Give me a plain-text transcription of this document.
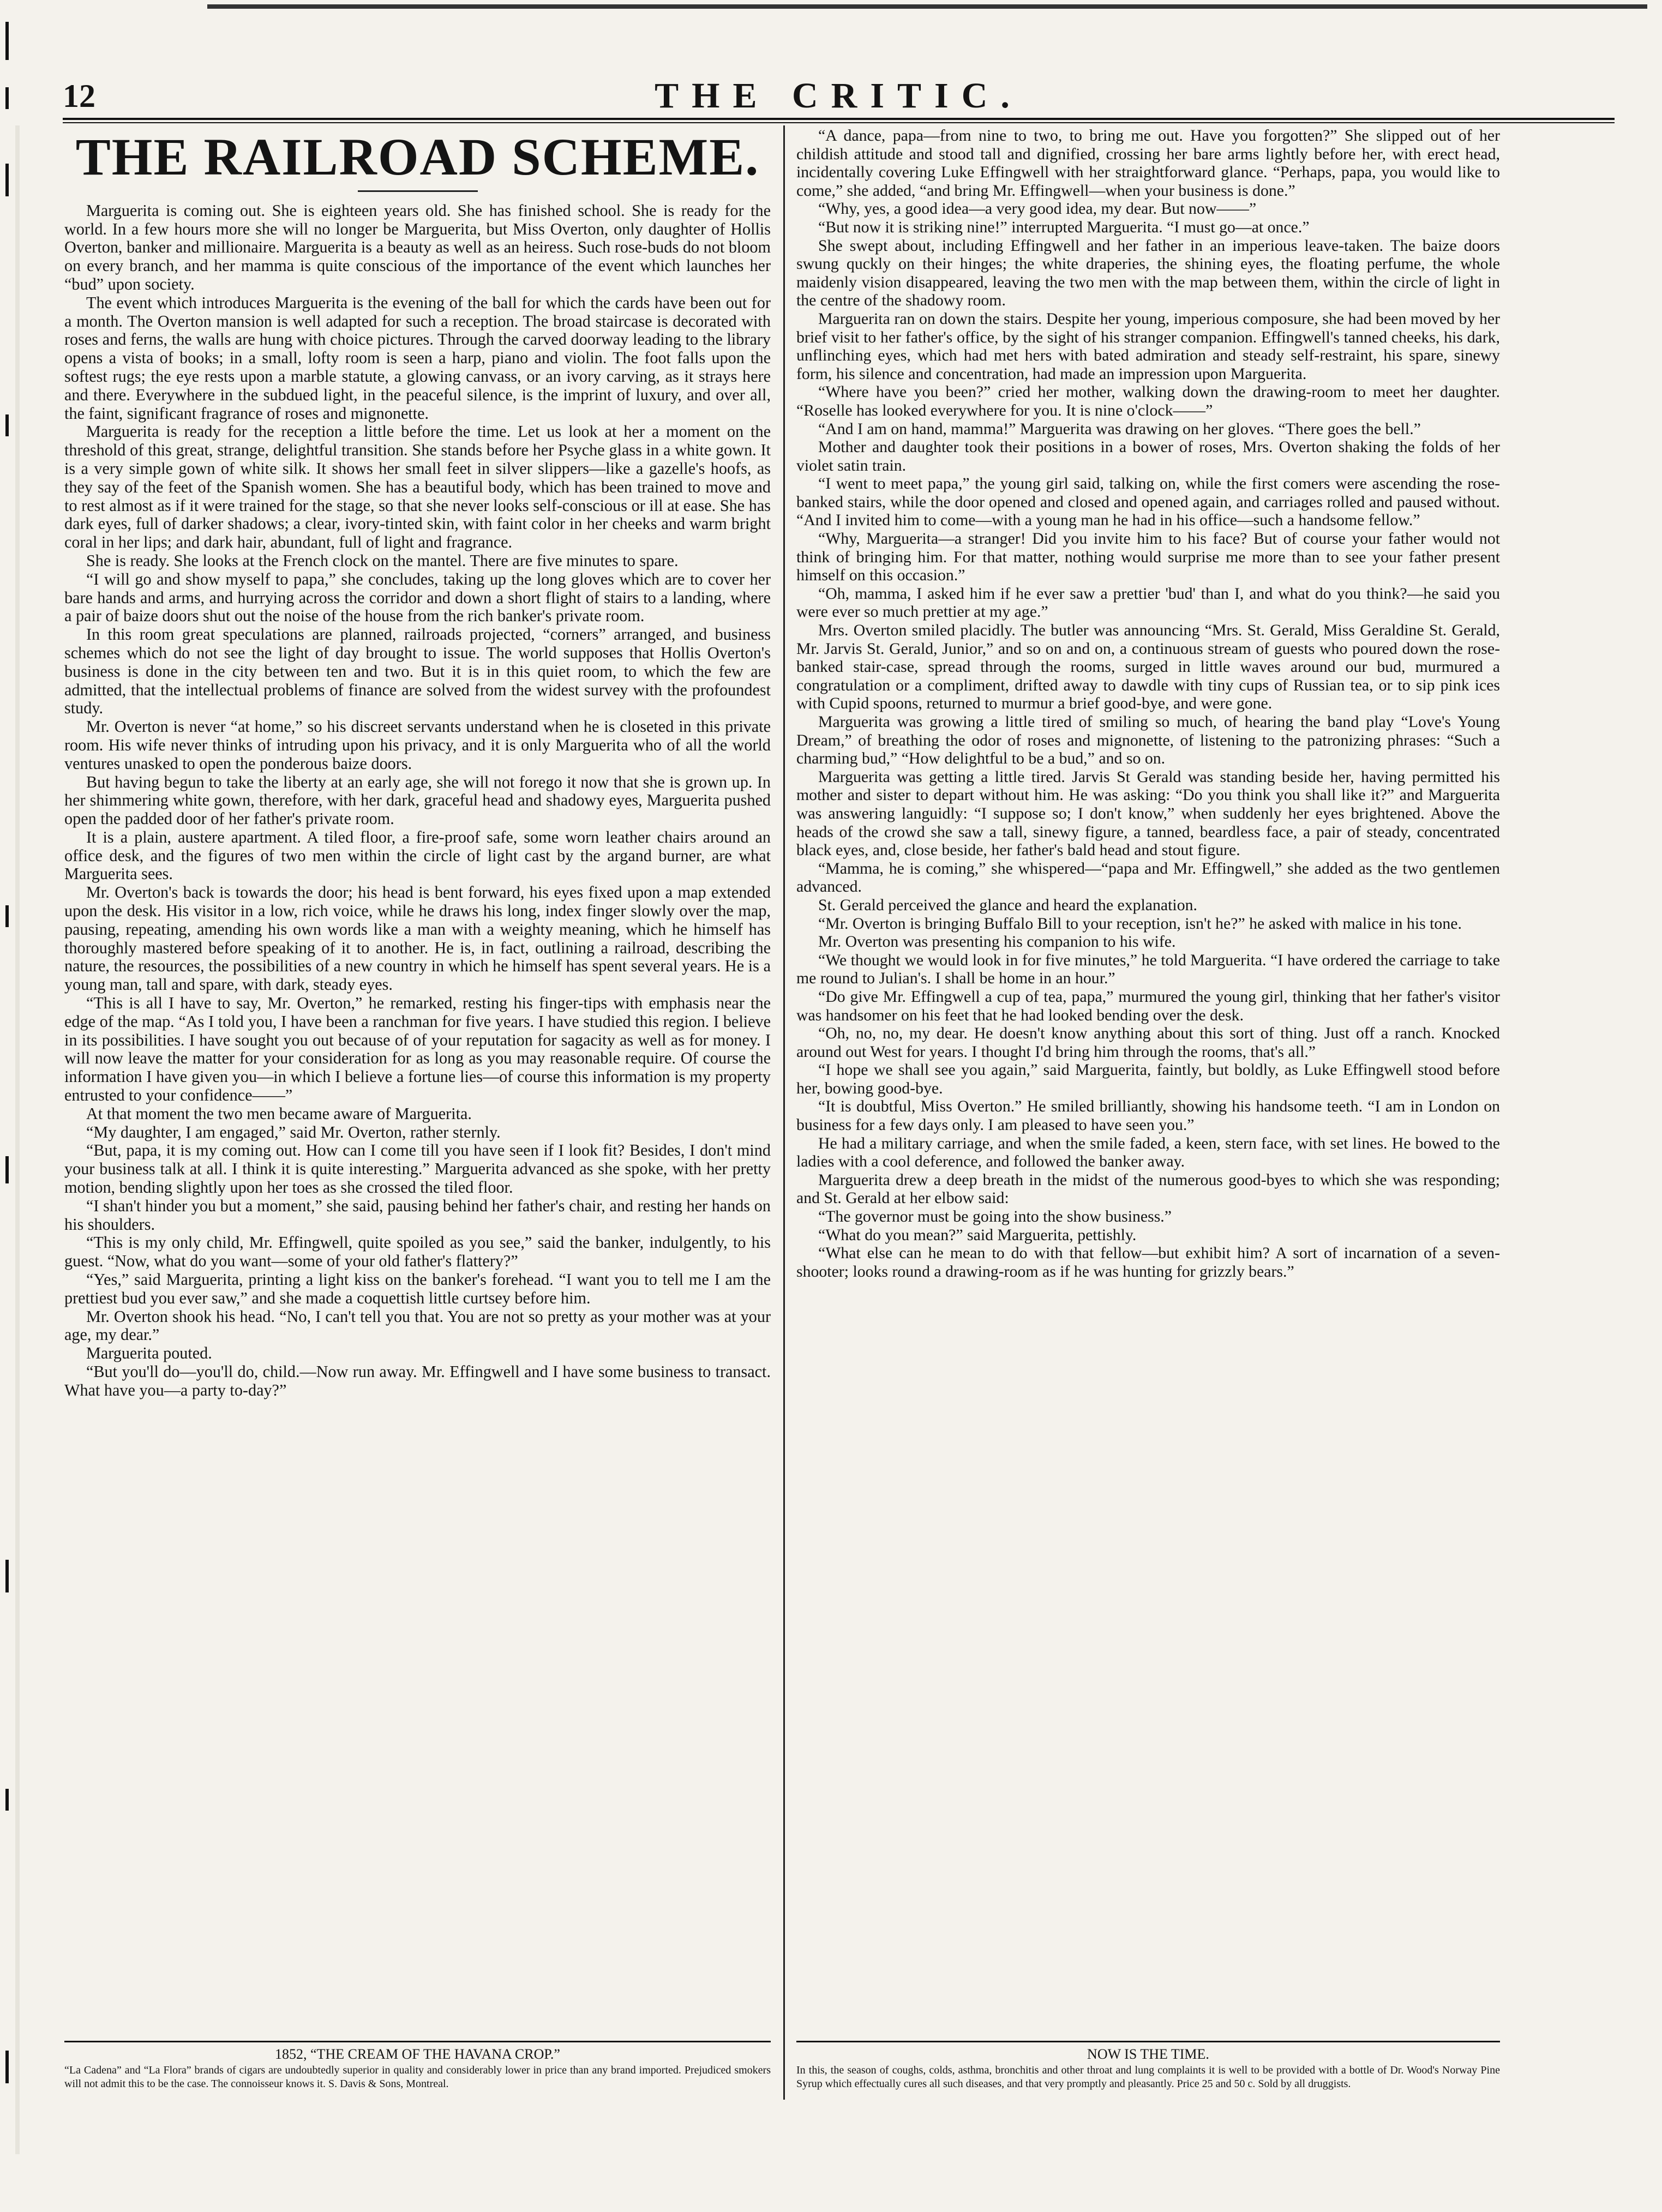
12	THE CRITIC.
THE RAILROAD SCHEME.

Marguerita is coming out. She is eighteen years old. She has finished school. She is ready for the world. In a few hours more she will no longer be Marguerita, but Miss Overton, only daughter of Hollis Overton, banker and millionaire. Marguerita is a beauty as well as an heiress. Such rose-buds do not bloom on every branch, and her mamma is quite conscious of the importance of the event which launches her “bud” upon society.

The event which introduces Marguerita is the evening of the ball for which the cards have been out for a month. The Overton mansion is well adapted for such a reception. The broad staircase is decorated with roses and ferns, the walls are hung with choice pictures. Through the carved doorway leading to the library opens a vista of books; in a small, lofty room is seen a harp, piano and violin. The foot falls upon the softest rugs; the eye rests upon a marble statute, a glowing canvass, or an ivory carving, as it strays here and there. Everywhere in the subdued light, in the peaceful silence, is the imprint of luxury, and over all, the faint, significant fragrance of roses and mignonette.

Marguerita is ready for the reception a little before the time. Let us look at her a moment on the threshold of this great, strange, delightful transition. She stands before her Psyche glass in a white gown. It is a very simple gown of white silk. It shows her small feet in silver slippers—like a gazelle's hoofs, as they say of the feet of the Spanish women. She has a beautiful body, which has been trained to move and to rest almost as if it were trained for the stage, so that she never looks self-conscious or ill at ease. She has dark eyes, full of darker shadows; a clear, ivory-tinted skin, with faint color in her cheeks and warm bright coral in her lips; and dark hair, abundant, full of light and fragrance.

She is ready. She looks at the French clock on the mantel. There are five minutes to spare.

“I will go and show myself to papa,” she concludes, taking up the long gloves which are to cover her bare hands and arms, and hurrying across the corridor and down a short flight of stairs to a landing, where a pair of baize doors shut out the noise of the house from the rich banker's private room.

In this room great speculations are planned, railroads projected, “corners” arranged, and business schemes which do not see the light of day brought to issue. The world supposes that Hollis Overton's business is done in the city between ten and two. But it is in this quiet room, to which the few are admitted, that the intellectual problems of finance are solved from the widest survey with the profoundest study.

Mr. Overton is never “at home,” so his discreet servants understand when he is closeted in this private room. His wife never thinks of intruding upon his privacy, and it is only Marguerita who of all the world ventures unasked to open the ponderous baize doors.

But having begun to take the liberty at an early age, she will not forego it now that she is grown up. In her shimmering white gown, therefore, with her dark, graceful head and shadowy eyes, Marguerita pushed open the padded door of her father's private room.

It is a plain, austere apartment. A tiled floor, a fire-proof safe, some worn leather chairs around an office desk, and the figures of two men within the circle of light cast by the argand burner, are what Marguerita sees.

Mr. Overton's back is towards the door; his head is bent forward, his eyes fixed upon a map extended upon the desk. His visitor in a low, rich voice, while he draws his long, index finger slowly over the map, pausing, repeating, amending his own words like a man with a weighty meaning, which he himself has thoroughly mastered before speaking of it to another. He is, in fact, outlining a railroad, describing the nature, the resources, the possibilities of a new country in which he himself has spent several years. He is a young man, tall and spare, with dark, steady eyes.

“This is all I have to say, Mr. Overton,” he remarked, resting his finger-tips with emphasis near the edge of the map. “As I told you, I have been a ranchman for five years. I have studied this region. I believe in its possibilities. I have sought you out because of of your reputation for sagacity as well as for money. I will now leave the matter for your consideration for as long as you may reasonable require. Of course the information I have given you—in which I believe a fortune lies—of course this information is my property entrusted to your confidence——”

At that moment the two men became aware of Marguerita.

“My daughter, I am engaged,” said Mr. Overton, rather sternly.

“But, papa, it is my coming out. How can I come till you have seen if I look fit? Besides, I don't mind your business talk at all. I think it is quite interesting.” Marguerita advanced as she spoke, with her pretty motion, bending slightly upon her toes as she crossed the tiled floor.

“I shan't hinder you but a moment,” she said, pausing behind her father's chair, and resting her hands on his shoulders.

“This is my only child, Mr. Effingwell, quite spoiled as you see,” said the banker, indulgently, to his guest. “Now, what do you want—some of your old father's flattery?”

“Yes,” said Marguerita, printing a light kiss on the banker's forehead. “I want you to tell me I am the prettiest bud you ever saw,” and she made a coquettish little curtsey before him.

Mr. Overton shook his head. “No, I can't tell you that. You are not so pretty as your mother was at your age, my dear.”

Marguerita pouted.

“But you'll do—you'll do, child.—Now run away. Mr. Effingwell and I have some business to transact. What have you—a party to-day?”

“A dance, papa—from nine to two, to bring me out. Have you forgotten?” She slipped out of her childish attitude and stood tall and dignified, crossing her bare arms lightly before her, with erect head, incidentally covering Luke Effingwell with her straightforward glance. “Perhaps, papa, you would like to come,” she added, “and bring Mr. Effingwell—when your business is done.”

“Why, yes, a good idea—a very good idea, my dear. But now——”

“But now it is striking nine!” interrupted Marguerita. “I must go—at once.”

She swept about, including Effingwell and her father in an imperious leave-taken. The baize doors swung quckly on their hinges; the white draperies, the shining eyes, the floating perfume, the whole maidenly vision disappeared, leaving the two men with the map between them, within the circle of light in the centre of the shadowy room.

Marguerita ran on down the stairs. Despite her young, imperious composure, she had been moved by her brief visit to her father's office, by the sight of his stranger companion. Effingwell's tanned cheeks, his dark, unflinching eyes, which had met hers with bated admiration and steady self-restraint, his spare, sinewy form, his silence and concentration, had made an impression upon Marguerita.

“Where have you been?” cried her mother, walking down the drawing-room to meet her daughter. “Roselle has looked everywhere for you. It is nine o'clock——”

“And I am on hand, mamma!” Marguerita was drawing on her gloves. “There goes the bell.”

Mother and daughter took their positions in a bower of roses, Mrs. Overton shaking the folds of her violet satin train.

“I went to meet papa,” the young girl said, talking on, while the first comers were ascending the rose-banked stairs, while the door opened and closed and opened again, and carriages rolled and paused without. “And I invited him to come—with a young man he had in his office—such a handsome fellow.”

“Why, Marguerita—a stranger! Did you invite him to his face? But of course your father would not think of bringing him. For that matter, nothing would surprise me more than to see your father present himself on this occasion.”

“Oh, mamma, I asked him if he ever saw a prettier 'bud' than I, and what do you think?—he said you were ever so much prettier at my age.”

Mrs. Overton smiled placidly. The butler was announcing “Mrs. St. Gerald, Miss Geraldine St. Gerald, Mr. Jarvis St. Gerald, Junior,” and so on and on, a continuous stream of guests who poured down the rose-banked stair-case, spread through the rooms, surged in little waves around our bud, murmured a congratulation or a compliment, drifted away to dawdle with tiny cups of Russian tea, or to sip pink ices with Cupid spoons, returned to murmur a brief good-bye, and were gone.

Marguerita was growing a little tired of smiling so much, of hearing the band play “Love's Young Dream,” of breathing the odor of roses and mignonette, of listening to the patronizing phrases: “Such a charming bud,” “How delightful to be a bud,” and so on.

Marguerita was getting a little tired. Jarvis St Gerald was standing beside her, having permitted his mother and sister to depart without him. He was asking: “Do you think you shall like it?” and Marguerita was answering languidly: “I suppose so; I don't know,” when suddenly her eyes brightened. Above the heads of the crowd she saw a tall, sinewy figure, a tanned, beardless face, a pair of steady, concentrated black eyes, and, close beside, her father's bald head and stout figure.

“Mamma, he is coming,” she whispered—“papa and Mr. Effingwell,” she added as the two gentlemen advanced.

St. Gerald perceived the glance and heard the explanation.

“Mr. Overton is bringing Buffalo Bill to your reception, isn't he?” he asked with malice in his tone.

Mr. Overton was presenting his companion to his wife.

“We thought we would look in for five minutes,” he told Marguerita. “I have ordered the carriage to take me round to Julian's. I shall be home in an hour.”

“Do give Mr. Effingwell a cup of tea, papa,” murmured the young girl, thinking that her father's visitor was handsomer on his feet that he had looked bending over the desk.

“Oh, no, no, my dear. He doesn't know anything about this sort of thing. Just off a ranch. Knocked around out West for years. I thought I'd bring him through the rooms, that's all.”

“I hope we shall see you again,” said Marguerita, faintly, but boldly, as Luke Effingwell stood before her, bowing good-bye.

“It is doubtful, Miss Overton.” He smiled brilliantly, showing his handsome teeth. “I am in London on business for a few days only. I am pleased to have seen you.”

He had a military carriage, and when the smile faded, a keen, stern face, with set lines. He bowed to the ladies with a cool deference, and followed the banker away.

Marguerita drew a deep breath in the midst of the numerous good-byes to which she was responding; and St. Gerald at her elbow said:

“The governor must be going into the show business.”

“What do you mean?” said Marguerita, pettishly.

“What else can he mean to do with that fellow—but exhibit him? A sort of incarnation of a seven-shooter; looks round a drawing-room as if he was hunting for grizzly bears.”

1852, “THE CREAM OF THE HAVANA CROP.”
“La Cadena” and “La Flora” brands of cigars are undoubtedly superior in quality and considerably lower in price than any brand imported. Prejudiced smokers will not admit this to be the case. The connoisseur knows it. S. Davis & Sons, Montreal.
NOW IS THE TIME.
In this, the season of coughs, colds, asthma, bronchitis and other throat and lung complaints it is well to be provided with a bottle of Dr. Wood's Norway Pine Syrup which effectually cures all such diseases, and that very promptly and pleasantly. Price 25 and 50 c. Sold by all druggists.
